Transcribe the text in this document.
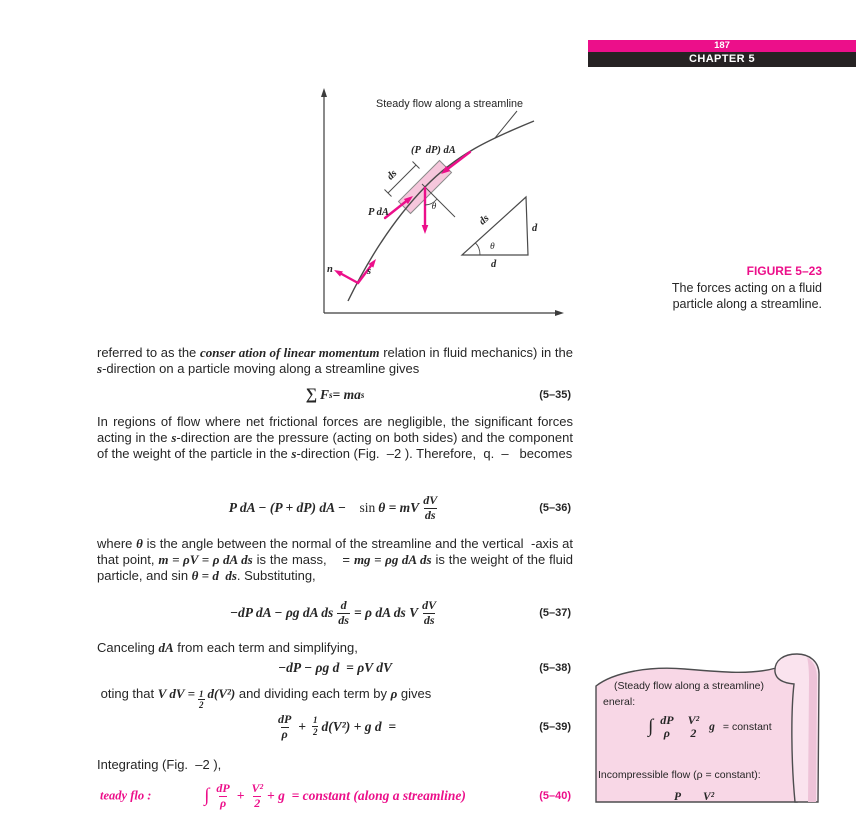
187
CHAPTER 5
Steady flow along a streamline
(P  dP) dA
ds
P dA	θ
ds
d
d
θ
n	s	FIGURE 5–23
The forces acting on a fluid
particle along a streamline.

referred to as the conser ation of linear momentum relation in fluid mechanics) in the s-direction on a particle moving along a streamline gives

∑ F s = ma s	(5–35)

In regions of flow where net frictional forces are negligible, the significant forces acting in the s-direction are the pressure (acting on both sides) and the component of the weight of the particle in the s-direction (Fig.  –2 ). Therefore,  q.  –   becomes

P dA − (P + dP) dA − sin θ = mV $\frac{dV}{ds}$	(5–36)

where θ is the angle between the normal of the streamline and the vertical  -axis at that point, m = ρV = ρ dA ds is the mass,    = mg = ρg dA ds is the weight of the fluid particle, and sin θ = d  ds. Substituting,

−dP dA − ρg dA ds $\frac{d}{ds} = \rho$ dA ds V $\frac{dV}{ds}$	(5–37)

Canceling dA from each term and simplifying,

−dP − ρg d  = ρV dV	(5–38)

oting that V dV = $\frac{1}{2} d(V^2)$ and dividing each term by ρ gives

$\frac{dP}{\rho} + \frac{1}{2} d(V^2) + g$ d  =	(5–39)

Integrating (Fig.  –2 ),

teady flo :	∫ $\frac{dP}{\rho} + \frac{\text{V²}}{2} + g$  = constant (along a streamline)	(5–40)
(Steady flow along a streamline)
eneral:
∫ dP
ρ
V²
2 g = constant
Incompressible flow (ρ = constant):
P V²
